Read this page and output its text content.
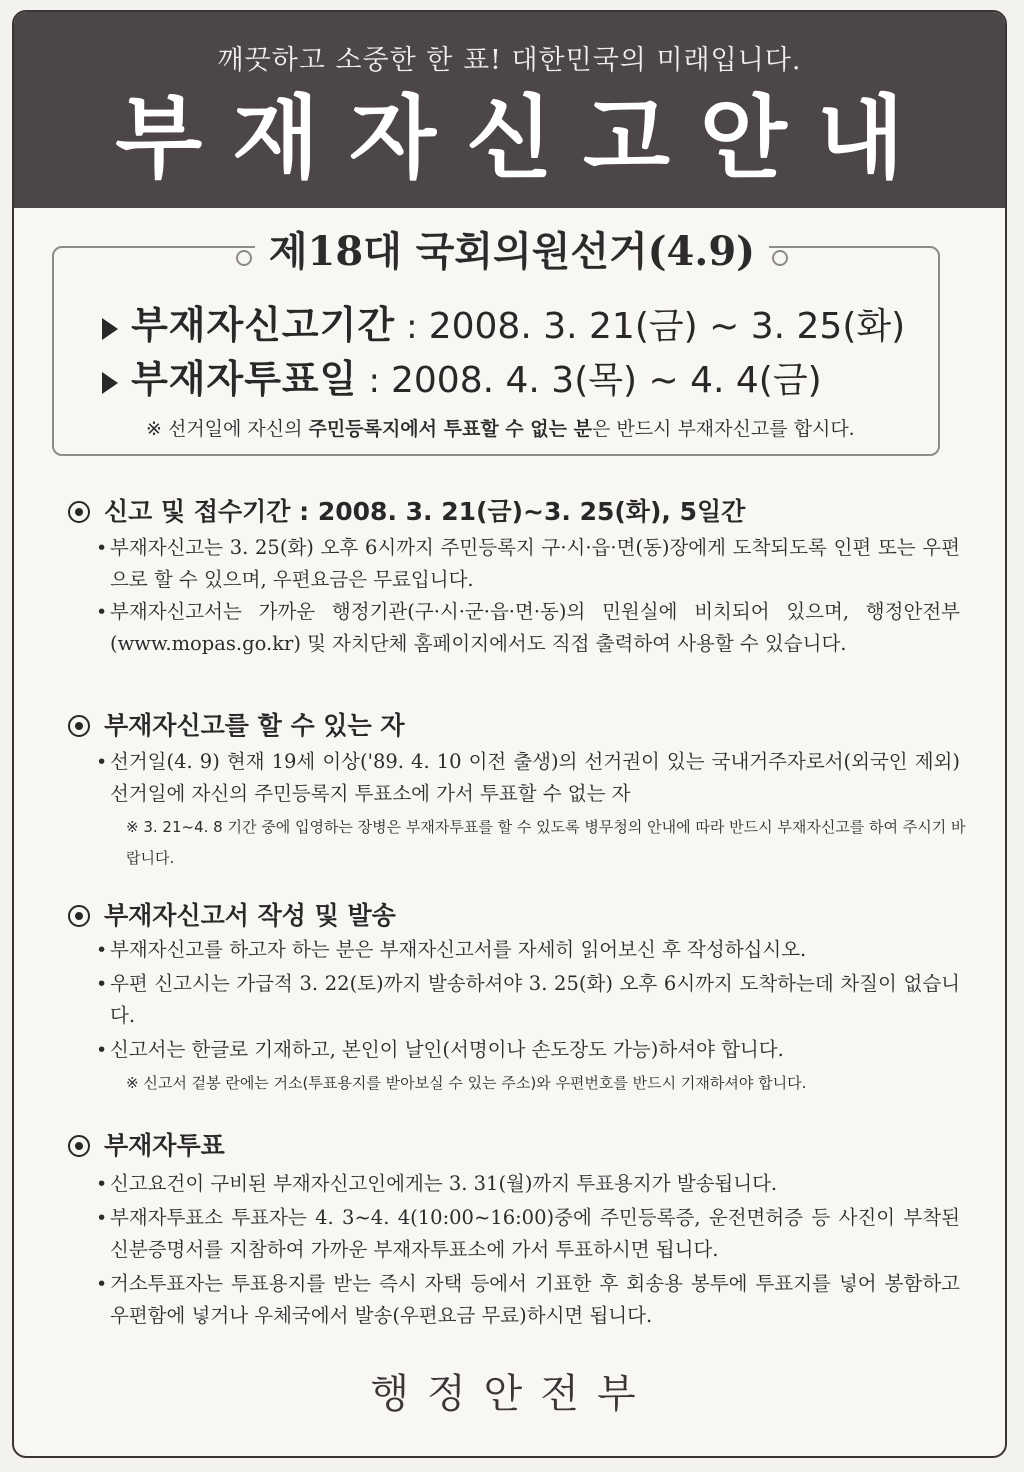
깨끗하고 소중한 한 표! 대한민국의 미래입니다.
부재자신고안내
제18대 국회의원선거(4.9)
부재자신고기간 : 2008. 3. 21(금) ~ 3. 25(화)
부재자투표일 : 2008. 4. 3(목) ~ 4. 4(금)
※ 선거일에 자신의 주민등록지에서 투표할 수 없는 분은 반드시 부재자신고를 합시다.
신고 및 접수기간 : 2008. 3. 21(금)~3. 25(화), 5일간
• 부재자신고는 3. 25(화) 오후 6시까지 주민등록지 구·시·읍·면(동)장에게 도착되도록 인편 또는 우편으로 할 수 있으며, 우편요금은 무료입니다.
• 부재자신고서는 가까운 행정기관(구·시·군·읍·면·동)의 민원실에 비치되어 있으며, 행정안전부(www.mopas.go.kr) 및 자치단체 홈페이지에서도 직접 출력하여 사용할 수 있습니다.
부재자신고를 할 수 있는 자
• 선거일(4. 9) 현재 19세 이상('89. 4. 10 이전 출생)의 선거권이 있는 국내거주자로서(외국인 제외) 선거일에 자신의 주민등록지 투표소에 가서 투표할 수 없는 자
※ 3. 21~4. 8 기간 중에 입영하는 장병은 부재자투표를 할 수 있도록 병무청의 안내에 따라 반드시 부재자신고를 하여 주시기 바랍니다.
부재자신고서 작성 및 발송
• 부재자신고를 하고자 하는 분은 부재자신고서를 자세히 읽어보신 후 작성하십시오.
• 우편 신고시는 가급적 3. 22(토)까지 발송하셔야 3. 25(화) 오후 6시까지 도착하는데 차질이 없습니다.
• 신고서는 한글로 기재하고, 본인이 날인(서명이나 손도장도 가능)하셔야 합니다.
※ 신고서 겉봉 란에는 거소(투표용지를 받아보실 수 있는 주소)와 우편번호를 반드시 기재하셔야 합니다.
부재자투표
• 신고요건이 구비된 부재자신고인에게는 3. 31(월)까지 투표용지가 발송됩니다.
• 부재자투표소 투표자는 4. 3~4. 4(10:00~16:00)중에 주민등록증, 운전면허증 등 사진이 부착된 신분증명서를 지참하여 가까운 부재자투표소에 가서 투표하시면 됩니다.
• 거소투표자는 투표용지를 받는 즉시 자택 등에서 기표한 후 회송용 봉투에 투표지를 넣어 봉함하고 우편함에 넣거나 우체국에서 발송(우편요금 무료)하시면 됩니다.
행정안전부
